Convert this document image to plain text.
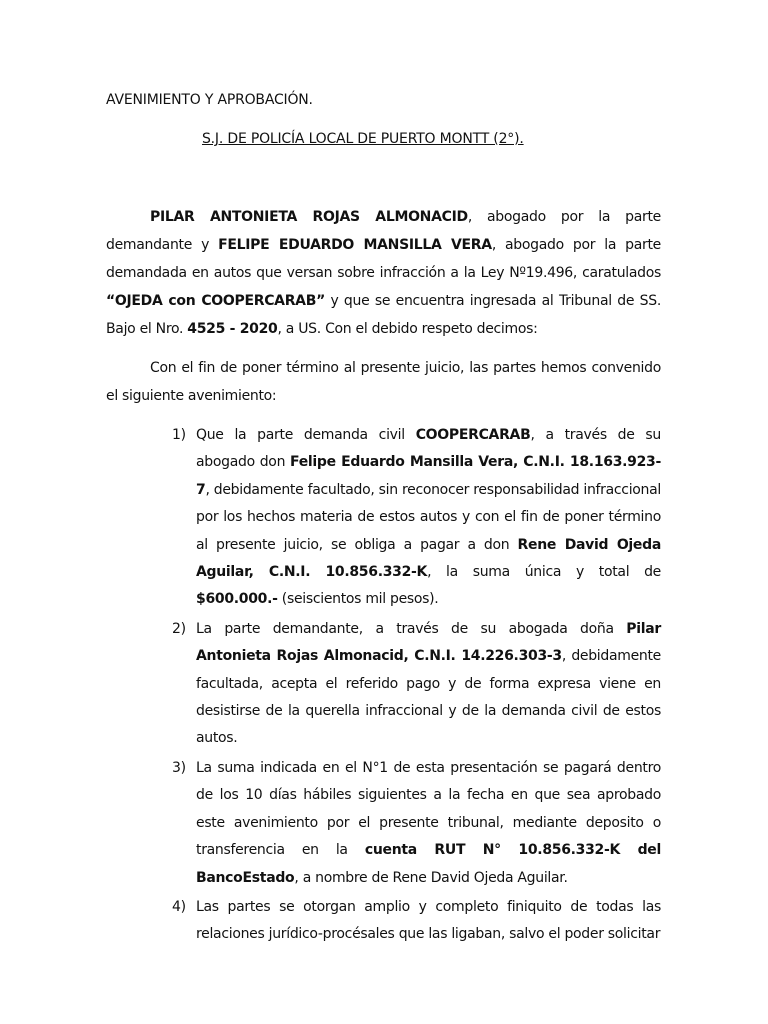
AVENIMIENTO Y APROBACIÓN.

S.J. DE POLICÍA LOCAL DE PUERTO MONTT (2°).

PILAR ANTONIETA ROJAS ALMONACID, abogado por la parte demandante y FELIPE EDUARDO MANSILLA VERA, abogado por la parte demandada en autos que versan sobre infracción a la Ley Nº19.496, caratulados “OJEDA con COOPERCARAB” y que se encuentra ingresada al Tribunal de SS. Bajo el Nro. 4525 - 2020, a US. Con el debido respeto decimos:

Con el fin de poner término al presente juicio, las partes hemos convenido el siguiente avenimiento:

1) Que la parte demanda civil COOPERCARAB, a través de su abogado don Felipe Eduardo Mansilla Vera, C.N.I. 18.163.923-7, debidamente facultado, sin reconocer responsabilidad infraccional por los hechos materia de estos autos y con el fin de poner término al presente juicio, se obliga a pagar a don Rene David Ojeda Aguilar, C.N.I. 10.856.332-K, la suma única y total de $600.000.- (seiscientos mil pesos).
2) La parte demandante, a través de su abogada doña Pilar Antonieta Rojas Almonacid, C.N.I. 14.226.303-3, debidamente facultada, acepta el referido pago y de forma expresa viene en desistirse de la querella infraccional y de la demanda civil de estos autos.
3) La suma indicada en el N°1 de esta presentación se pagará dentro de los 10 días hábiles siguientes a la fecha en que sea aprobado este avenimiento por el presente tribunal, mediante deposito o transferencia en la cuenta RUT N° 10.856.332-K del BancoEstado, a nombre de Rene David Ojeda Aguilar.
4) Las partes se otorgan amplio y completo finiquito de todas las relaciones jurídico-procésales que las ligaban, salvo el poder solicitar
